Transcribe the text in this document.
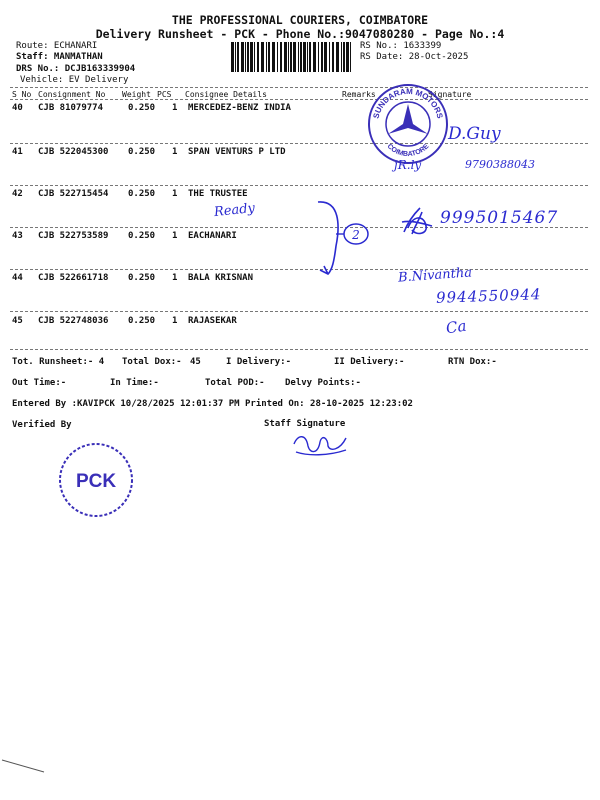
THE PROFESSIONAL COURIERS, COIMBATORE
Delivery Runsheet - PCK - Phone No.:9047080280 - Page No.:4
Route: ECHANARI
Staff: MANMATHAN
DRS No.: DCJB163339904
Vehicle: EV Delivery
RS No.: 1633399
RS Date: 28-Oct-2025
S No Consignment No Weight PCS Consignee Details	Remarks	Signature
40 CJB 81079774	0.250 1 MERCEDEZ-BENZ INDIA
41 CJB 522045300 0.250 1 SPAN VENTURS P LTD
42 CJB 522715454 0.250 1 THE TRUSTEE
43 CJB 522753589 0.250 1 EACHANARI
44 CJB 522661718 0.250 1 BALA KRISNAN
45 CJB 522748036 0.250 1 RAJASEKAR
Tot. Runsheet:- 4 Total Dox:- 45	I Delivery:-	II Delivery:-	RTN Dox:-
Out Time:-	In Time:-	Total POD:- Delvy Points:-
Entered By :KAVIPCK 10/28/2025 12:01:37 PM Printed On: 28-10-2025 12:23:02
Verified By	Staff Signature
PCK
SUNDARAM MOTORS
COIMBATORE
D.Guy
jR.ly	9790388043
Ready
2
9995015467
B.Nivantha
9944550944
Ca
